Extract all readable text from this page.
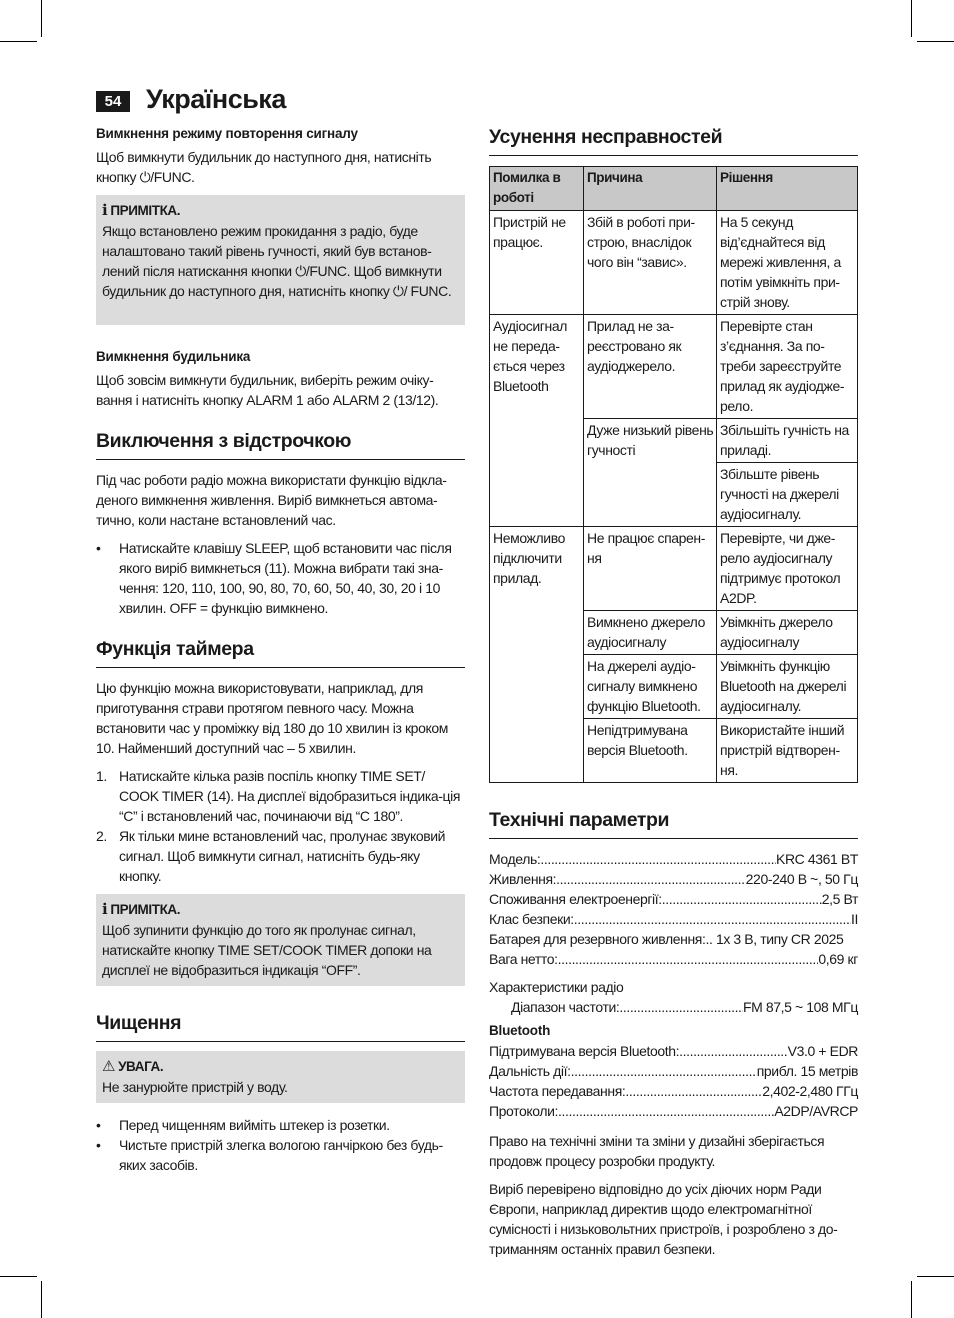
54 Українська
Вимкнення режиму повторення сигналу
Щоб вимкнути будильник до наступного дня, натисніть кнопку ⏻/FUNC.
ℹ ПРИМІТКА.
Якщо встановлено режим прокидання з радіо, буде налаштовано такий рівень гучності, який був встанов-лений після натискання кнопки ⏻/FUNC. Щоб вимкнути будильник до наступного дня, натисніть кнопку ⏻/ FUNC.
Вимкнення будильника
Щоб зовсім вимкнути будильник, виберіть режим очіку-вання і натисніть кнопку ALARM 1 або ALARM 2 (13/12).
Виключення з відстрочкою
Під час роботи радіо можна використати функцію відкла-деного вимкнення живлення. Виріб вимкнеться автома-тично, коли настане встановлений час.
• Натискайте клавішу SLEEP, щоб встановити час після якого виріб вимкнеться (11). Можна вибрати такі зна-чення: 120, 110, 100, 90, 80, 70, 60, 50, 40, 30, 20 і 10 хвилин. OFF = функцію вимкнено.
Функція таймера
Цю функцію можна використовувати, наприклад, для приготування страви протягом певного часу. Можна встановити час у проміжку від 180 до 10 хвилин із кроком 10. Найменший доступний час – 5 хвилин.
1. Натискайте кілька разів поспіль кнопку TIME SET/ COOK TIMER (14). На дисплеї відобразиться індика-ція “C” і встановлений час, починаючи від “C 180”.
2. Як тільки мине встановлений час, пролунає звуковий сигнал. Щоб вимкнути сигнал, натисніть будь-яку кнопку.
ℹ ПРИМІТКА.
Щоб зупинити функцію до того як пролунає сигнал, натискайте кнопку TIME SET/COOK TIMER допоки на дисплеї не відобразиться індикація “OFF”.
Чищення
⚠ УВАГА.
Не занурюйте пристрій у воду.
• Перед чищенням вийміть штекер із розетки.
• Чистьте пристрій злегка вологою ганчіркою без будь-яких засобів.
Усунення несправностей
Помилка в роботі	Причина	Рішення
Пристрій не працює.	Збій в роботі при-строю, внаслідок чого він “завис».	На 5 секунд від’єднайтеся від мережі живлення, а потім увімкніть при-стрій знову.
Аудіосигнал не переда-ється через Bluetooth	Прилад не за-реєстровано як аудіоджерело.	Перевірте стан з’єднання. За по-треби зареєструйте прилад як аудіодже-рело.
	Дуже низький рівень гучності	Збільшіть гучність на приладі.
		Збільште рівень гучності на джерелі аудіосигналу.
Неможливо підключити прилад.	Не працює спарен-ня	Перевірте, чи дже-рело аудіосигналу підтримує протокол A2DP.
	Вимкнено джерело аудіосигналу	Увімкніть джерело аудіосигналу
	На джерелі аудіо-сигналу вимкнено функцію Bluetooth.	Увімкніть функцію Bluetooth на джерелі аудіосигналу.
	Непідтримувана версія Bluetooth.	Використайте інший пристрій відтворен-ня.
Технічні параметри
Модель: .....	KRC 4361 BT
Живлення: .....	220-240 В ~, 50 Гц
Споживання електроенергії: .....	2,5 Вт
Клас безпеки: .....	II
Батарея для резервного живлення: .. 1x 3 В, типу CR 2025
Вага нетто: .....	0,69 кг
Характеристики радіо
Діапазон частоти: .....	FM 87,5 ~ 108 МГц
Bluetooth
Підтримувана версія Bluetooth: .....	V3.0 + EDR
Дальність дії: .....	прибл. 15 метрів
Частота передавання: .....	2,402-2,480 ГГц
Протоколи: .....	A2DP/AVRCP
Право на технічні зміни та зміни у дизайні зберігається продовж процесу розробки продукту.
Виріб перевірено відповідно до усіх діючих норм Ради Європи, наприклад директив щодо електромагнітної сумісності і низьковольтних пристроїв, і розроблено з до-триманням останніх правил безпеки.
